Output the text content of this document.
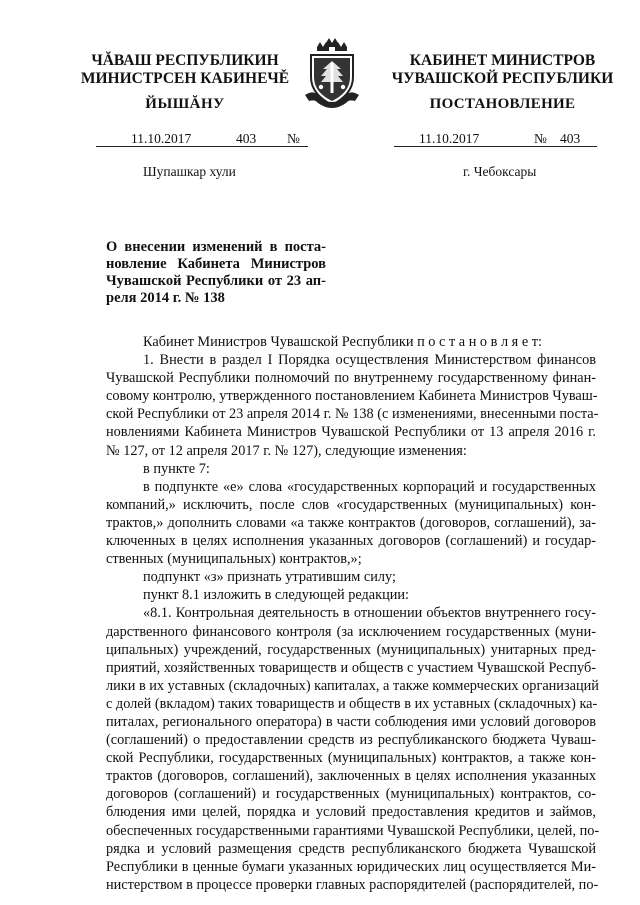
ЧĂВАШ РЕСПУБЛИКИН
МИНИСТРСЕН КАБИНЕЧĚ
ЙЫШĂНУ
КАБИНЕТ МИНИСТРОВ
ЧУВАШСКОЙ РЕСПУБЛИКИ
ПОСТАНОВЛЕНИЕ
11.10.2017	403 №	11.10.2017	№ 403
Шупашкар хули	г. Чебоксары
О внесении изменений в поста-
новление Кабинета Министров
Чувашской Республики от 23 ап-
реля 2014 г. № 138
Кабинет Министров Чувашской Республики п о с т а н о в л я е т:
1. Внести в раздел I Порядка осуществления Министерством финансов
Чувашской Республики полномочий по внутреннему государственному финан-
совому контролю, утвержденного постановлением Кабинета Министров Чуваш-
ской Республики от 23 апреля 2014 г. № 138 (с изменениями, внесенными поста-
новлениями Кабинета Министров Чувашской Республики от 13 апреля 2016 г.
№ 127, от 12 апреля 2017 г. № 127), следующие изменения:
в пункте 7:
в подпункте «е» слова «государственных корпораций и государственных
компаний,» исключить, после слов «государственных (муниципальных) кон-
трактов,» дополнить словами «а также контрактов (договоров, соглашений), за-
ключенных в целях исполнения указанных договоров (соглашений) и государ-
ственных (муниципальных) контрактов,»;
подпункт «з» признать утратившим силу;
пункт 8.1 изложить в следующей редакции:
«8.1. Контрольная деятельность в отношении объектов внутреннего госу-
дарственного финансового контроля (за исключением государственных (муни-
ципальных) учреждений, государственных (муниципальных) унитарных пред-
приятий, хозяйственных товариществ и обществ с участием Чувашской Респуб-
лики в их уставных (складочных) капиталах, а также коммерческих организаций
с долей (вкладом) таких товариществ и обществ в их уставных (складочных) ка-
питалах, регионального оператора) в части соблюдения ими условий договоров
(соглашений) о предоставлении средств из республиканского бюджета Чуваш-
ской Республики, государственных (муниципальных) контрактов, а также кон-
трактов (договоров, соглашений), заключенных в целях исполнения указанных
договоров (соглашений) и государственных (муниципальных) контрактов, со-
блюдения ими целей, порядка и условий предоставления кредитов и займов,
обеспеченных государственными гарантиями Чувашской Республики, целей, по-
рядка и условий размещения средств республиканского бюджета Чувашской
Республики в ценные бумаги указанных юридических лиц осуществляется Ми-
нистерством в процессе проверки главных распорядителей (распорядителей, по-
